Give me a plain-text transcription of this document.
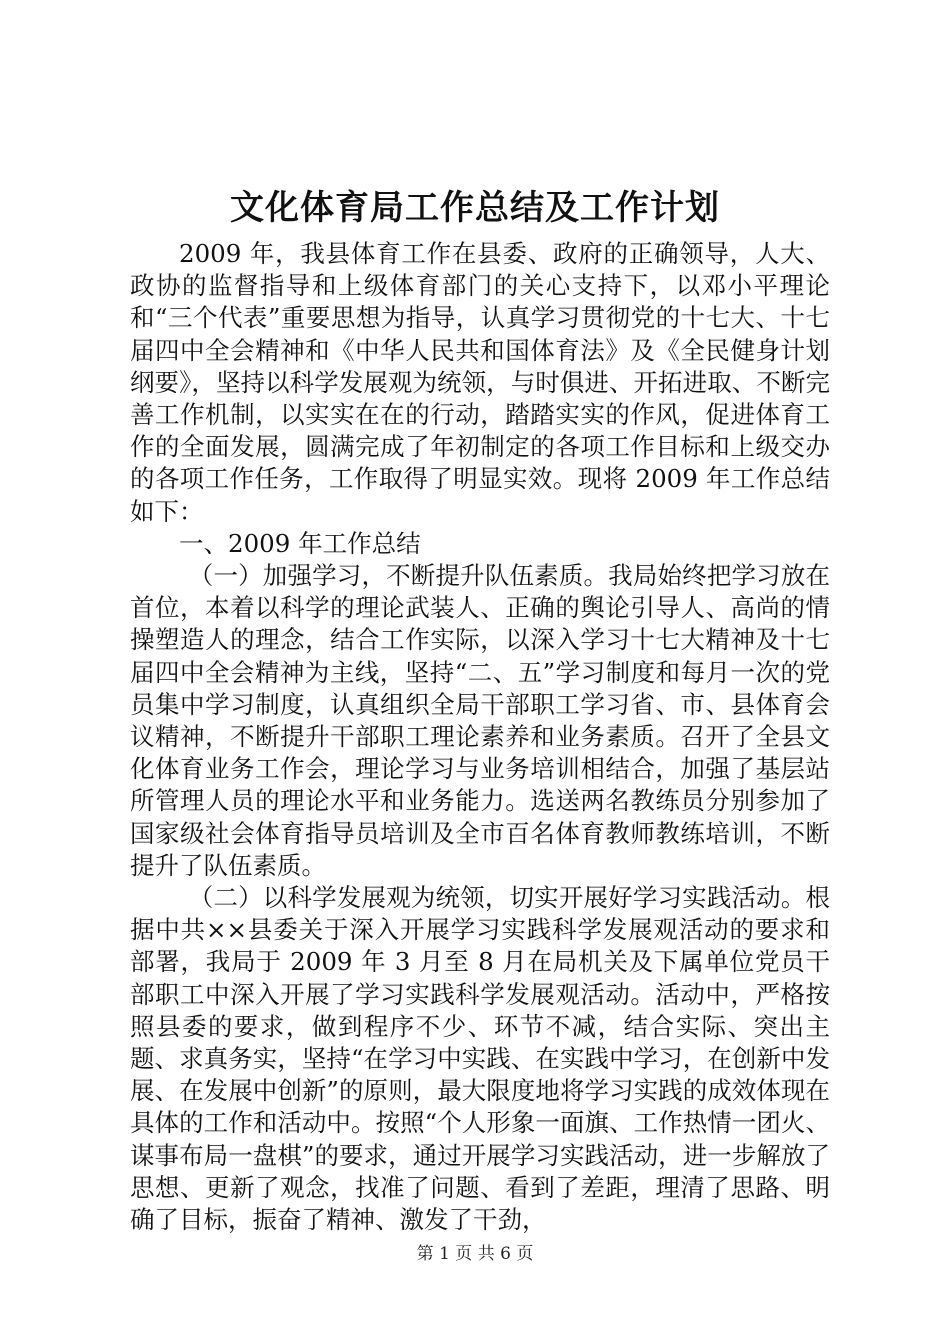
文化体育局工作总结及工作计划

2009 年，我县体育工作在县委、政府的正确领导，人大、政协的监督指导和上级体育部门的关心支持下，以邓小平理论和“三个代表”重要思想为指导，认真学习贯彻党的十七大、十七届四中全会精神和《中华人民共和国体育法》及《全民健身计划纲要》，坚持以科学发展观为统领，与时俱进、开拓进取、不断完善工作机制，以实实在在的行动，踏踏实实的作风，促进体育工作的全面发展，圆满完成了年初制定的各项工作目标和上级交办的各项工作任务，工作取得了明显实效。现将 2009 年工作总结如下：

一、2009 年工作总结

（一）加强学习，不断提升队伍素质。我局始终把学习放在首位，本着以科学的理论武装人、正确的舆论引导人、高尚的情操塑造人的理念，结合工作实际，以深入学习十七大精神及十七届四中全会精神为主线，坚持“二、五”学习制度和每月一次的党员集中学习制度，认真组织全局干部职工学习省、市、县体育会议精神，不断提升干部职工理论素养和业务素质。召开了全县文化体育业务工作会，理论学习与业务培训相结合，加强了基层站所管理人员的理论水平和业务能力。选送两名教练员分别参加了国家级社会体育指导员培训及全市百名体育教师教练培训，不断提升了队伍素质。

（二）以科学发展观为统领，切实开展好学习实践活动。根据中共××县委关于深入开展学习实践科学发展观活动的要求和部署，我局于 2009 年 3 月至 8 月在局机关及下属单位党员干部职工中深入开展了学习实践科学发展观活动。活动中，严格按照县委的要求，做到程序不少、环节不减，结合实际、突出主题、求真务实，坚持“在学习中实践、在实践中学习，在创新中发展、在发展中创新”的原则，最大限度地将学习实践的成效体现在具体的工作和活动中。按照“个人形象一面旗、工作热情一团火、谋事布局一盘棋”的要求，通过开展学习实践活动，进一步解放了思想、更新了观念，找准了问题、看到了差距，理清了思路、明确了目标，振奋了精神、激发了干劲，

第 1 页 共 6 页
